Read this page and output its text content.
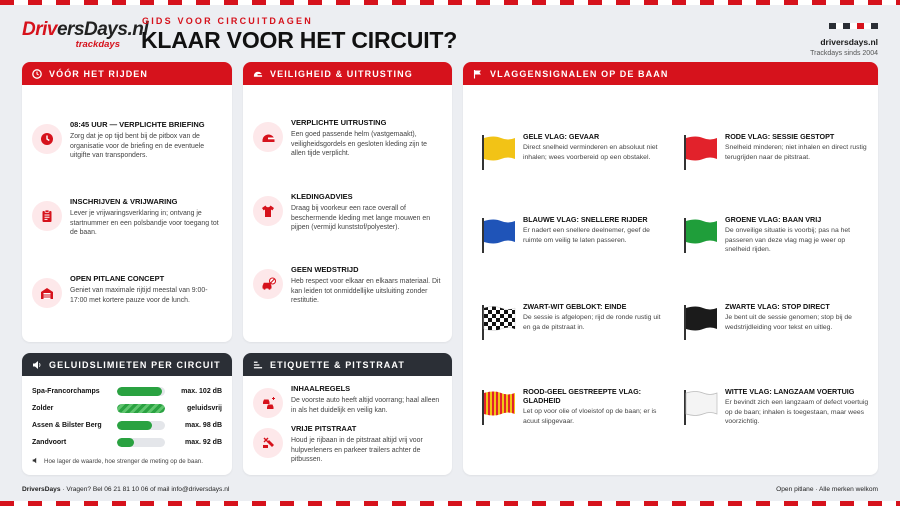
DriversDays.nl
trackdays
GIDS VOOR CIRCUITDAGEN
KLAAR VOOR HET CIRCUIT?	driversdays.nl
Trackdays sinds 2004
VÓÓR HET RIJDEN
08:45 UUR — VERPLICHTE BRIEFING
Zorg dat je op tijd bent bij de pitbox van de organisatie voor de briefing en de eventuele uitgifte van transponders.
INSCHRIJVEN & VRIJWARING
Lever je vrijwaringsverklaring in; ontvang je startnummer en een polsbandje voor toegang tot de baan.
OPEN PITLANE CONCEPT
Geniet van maximale rijtijd meestal van 9:00-17:00 met kortere pauze voor de lunch.
VEILIGHEID & UITRUSTING
VERPLICHTE UITRUSTING
Een goed passende helm (vastgemaakt), veiligheidsgordels en gesloten kleding zijn te allen tijde verplicht.
KLEDINGADVIES
Draag bij voorkeur een race overall of beschermende kleding met lange mouwen en pijpen (vermijd kunststof/polyester).
GEEN WEDSTRIJD
Heb respect voor elkaar en elkaars materiaal. Dit kan leiden tot onmiddellijke uitsluiting zonder restitutie.
GELUIDSLIMIETEN PER CIRCUIT
Spa-Francorchamps	max. 102 dB
Zolder	geluidsvrij
Assen & Bilster Berg	max. 98 dB
Zandvoort	max. 92 dB
Hoe lager de waarde, hoe strenger de meting op de baan.
ETIQUETTE & PITSTRAAT
INHAALREGELS
De voorste auto heeft altijd voorrang; haal alleen in als het duidelijk en veilig kan.
VRIJE PITSTRAAT
Houd je rijbaan in de pitstraat altijd vrij voor hulpverleners en parkeer trailers achter de pitbussen.
VLAGGENSIGNALEN OP DE BAAN
GELE VLAG: GEVAAR
Direct snelheid verminderen en absoluut niet inhalen; wees voorbereid op een obstakel.
RODE VLAG: SESSIE GESTOPT
Snelheid minderen; niet inhalen en direct rustig terugrijden naar de pitstraat.
BLAUWE VLAG: SNELLERE RIJDER
Er nadert een snellere deelnemer, geef de ruimte om veilig te laten passeren.
GROENE VLAG: BAAN VRIJ
De onveilige situatie is voorbij; pas na het passeren van deze vlag mag je weer op snelheid rijden.
ZWART-WIT GEBLOKT: EINDE
De sessie is afgelopen; rijd de ronde rustig uit en ga de pitstraat in.
ZWARTE VLAG: STOP DIRECT
Je bent uit de sessie genomen; stop bij de wedstrijdleiding voor tekst en uitleg.
ROOD-GEEL GESTREEPTE VLAG: GLADHEID
Let op voor olie of vloeistof op de baan; er is acuut slipgevaar.
WITTE VLAG: LANGZAAM VOERTUIG
Er bevindt zich een langzaam of defect voertuig op de baan; inhalen is toegestaan, maar wees voorzichtig.
DriversDays · Vragen? Bel 06 21 81 10 06 of mail info@driversdays.nl	Open pitlane · Alle merken welkom
